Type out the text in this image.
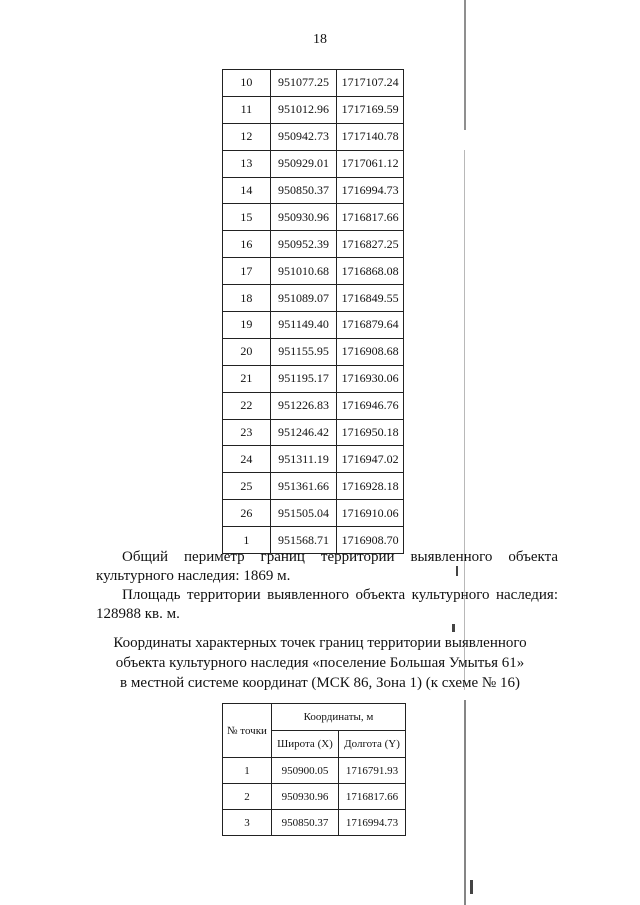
18
10	951077.25	1717107.24
11	951012.96	1717169.59
12	950942.73	1717140.78
13	950929.01	1717061.12
14	950850.37	1716994.73
15	950930.96	1716817.66
16	950952.39	1716827.25
17	951010.68	1716868.08
18	951089.07	1716849.55
19	951149.40	1716879.64
20	951155.95	1716908.68
21	951195.17	1716930.06
22	951226.83	1716946.76
23	951246.42	1716950.18
24	951311.19	1716947.02
25	951361.66	1716928.18
26	951505.04	1716910.06
1	951568.71	1716908.70
Общий периметр границ территории выявленного объекта культурного наследия: 1869 м.
Площадь территории выявленного объекта культурного наследия: 128988 кв. м.
Координаты характерных точек границ территории выявленного
объекта культурного наследия «поселение Большая Умытья 61»
в местной системе координат (МСК 86, Зона 1) (к схеме № 16)
№ точки	Координаты, м	
	Широта (X)	Долгота (Y)
1	950900.05	1716791.93
2	950930.96	1716817.66
3	950850.37	1716994.73
